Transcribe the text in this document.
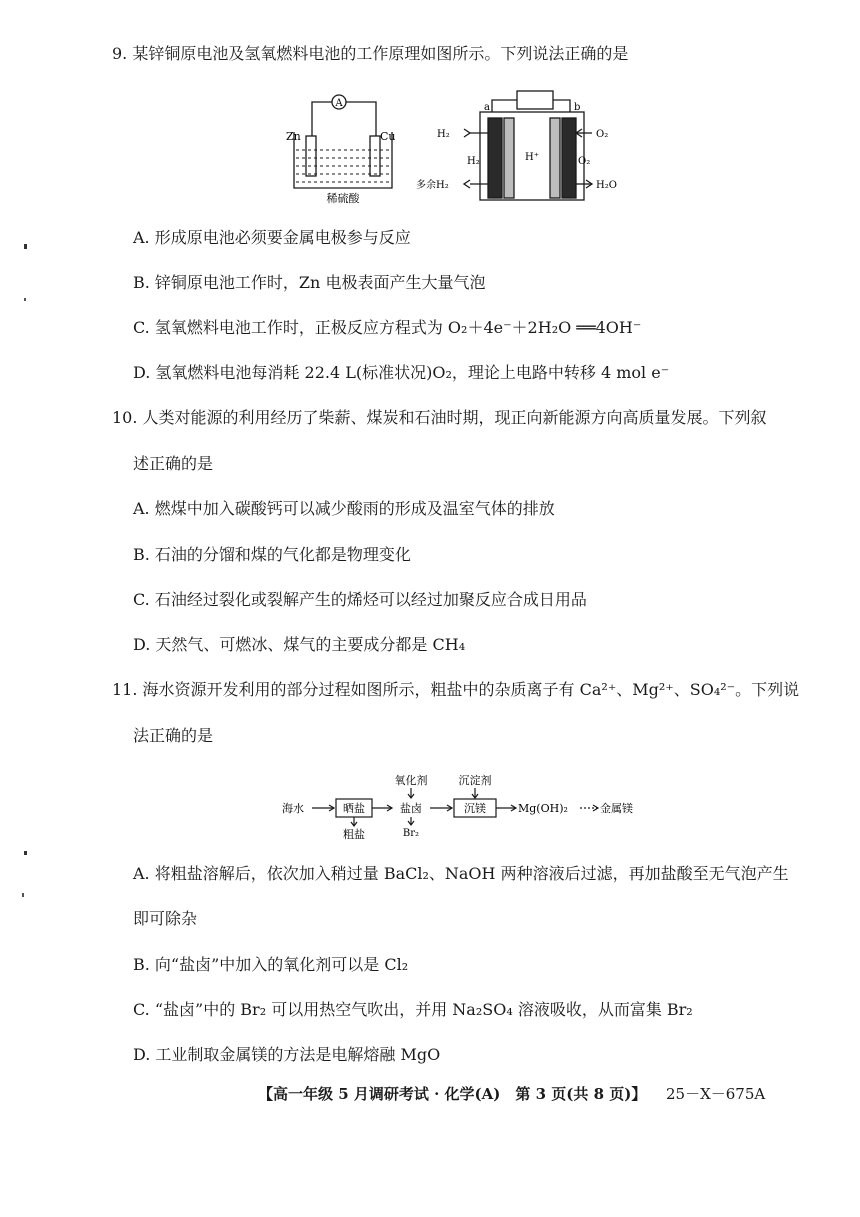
9. 某锌铜原电池及氢氧燃料电池的工作原理如图所示。下列说法正确的是
A
Zn	Cu
稀硫酸
a	b
H₂
H₂	H⁺	O₂
O₂
多余H₂	H₂O
A. 形成原电池必须要金属电极参与反应
B. 锌铜原电池工作时，Zn 电极表面产生大量气泡
C. 氢氧燃料电池工作时，正极反应方程式为 O₂＋4e⁻＋2H₂O ══4OH⁻
D. 氢氧燃料电池每消耗 22.4 L(标准状况)O₂，理论上电路中转移 4 mol e⁻
10. 人类对能源的利用经历了柴薪、煤炭和石油时期，现正向新能源方向高质量发展。下列叙
述正确的是
A. 燃煤中加入碳酸钙可以减少酸雨的形成及温室气体的排放
B. 石油的分馏和煤的气化都是物理变化
C. 石油经过裂化或裂解产生的烯烃可以经过加聚反应合成日用品
D. 天然气、可燃冰、煤气的主要成分都是 CH₄
11. 海水资源开发利用的部分过程如图所示，粗盐中的杂质离子有 Ca²⁺、Mg²⁺、SO₄²⁻。下列说
法正确的是
海水	晒盐
粗盐
氧化剂
盐卤
Br₂
沉淀剂
沉镁	Mg(OH)₂	金属镁
A. 将粗盐溶解后，依次加入稍过量 BaCl₂、NaOH 两种溶液后过滤，再加盐酸至无气泡产生
即可除杂
B. 向“盐卤”中加入的氧化剂可以是 Cl₂
C. “盐卤”中的 Br₂ 可以用热空气吹出，并用 Na₂SO₄ 溶液吸收，从而富集 Br₂
D. 工业制取金属镁的方法是电解熔融 MgO
【高一年级 5 月调研考试 · 化学(A)　第 3 页(共 8 页)】 25－X－675A
